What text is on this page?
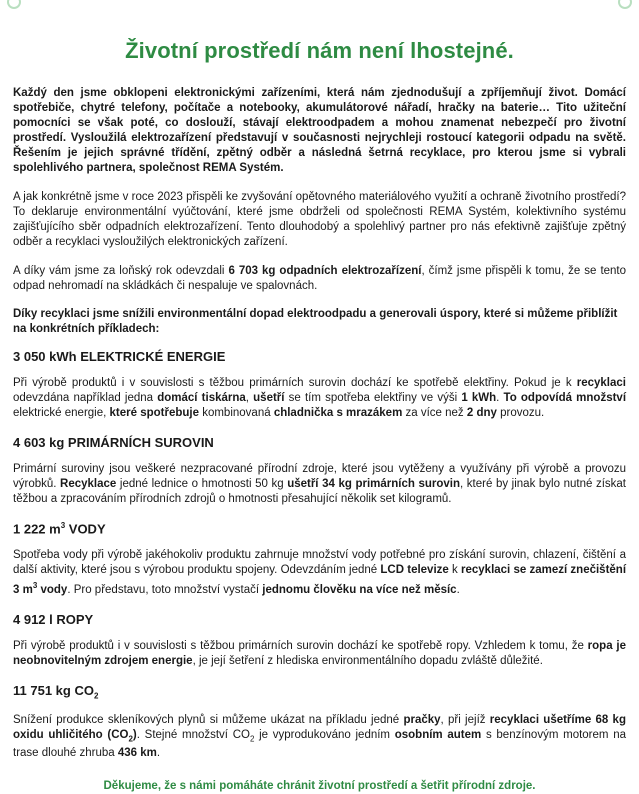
Životní prostředí nám není lhostejné.

Každý den jsme obklopeni elektronickými zařízeními, která nám zjednodušují a zpříjemňují život. Domácí spotřebiče, chytré telefony, počítače a notebooky, akumulátorové nářadí, hračky na baterie… Tito užiteční pomocníci se však poté, co doslouží, stávají elektroodpadem a mohou znamenat nebezpečí pro životní prostředí. Vysloužilá elektrozařízení představují v současnosti nejrychleji rostoucí kategorii odpadu na světě. Řešením je jejich správné třídění, zpětný odběr a následná šetrná recyklace, pro kterou jsme si vybrali spolehlivého partnera, společnost REMA Systém.

A jak konkrétně jsme v roce 2023 přispěli ke zvyšování opětovného materiálového využití a ochraně životního prostředí? To deklaruje environmentální vyúčtování, které jsme obdrželi od společnosti REMA Systém, kolektivního systému zajišťujícího sběr odpadních elektrozařízení. Tento dlouhodobý a spolehlivý partner pro nás efektivně zajišťuje zpětný odběr a recyklaci vysloužilých elektronických zařízení.

A díky vám jsme za loňský rok odevzdali 6 703 kg odpadních elektrozařízení, čímž jsme přispěli k tomu, že se tento odpad nehromadí na skládkách či nespaluje ve spalovnách.

Díky recyklaci jsme snížili environmentální dopad elektroodpadu a generovali úspory, které si můžeme přiblížit na konkrétních příkladech:

3 050 kWh ELEKTRICKÉ ENERGIE

Při výrobě produktů i v souvislosti s těžbou primárních surovin dochází ke spotřebě elektřiny. Pokud je k recyklaci odevzdána například jedna domácí tiskárna, ušetří se tím spotřeba elektřiny ve výši 1 kWh. To odpovídá množství elektrické energie, které spotřebuje kombinovaná chladnička s mrazákem za více než 2 dny provozu.

4 603 kg PRIMÁRNÍCH SUROVIN

Primární suroviny jsou veškeré nezpracované přírodní zdroje, které jsou vytěženy a využívány při výrobě a provozu výrobků. Recyklace jedné lednice o hmotnosti 50 kg ušetří 34 kg primárních surovin, které by jinak bylo nutné získat těžbou a zpracováním přírodních zdrojů o hmotnosti přesahující několik set kilogramů.

1 222 $m^3$ VODY

Spotřeba vody při výrobě jakéhokoliv produktu zahrnuje množství vody potřebné pro získání surovin, chlazení, čištění a další aktivity, které jsou s výrobou produktu spojeny. Odevzdáním jedné LCD televize k recyklaci se zamezí znečištění 3 $m^3$ vody. Pro představu, toto množství vystačí jednomu člověku na více než měsíc.

4 912 l ROPY

Při výrobě produktů i v souvislosti s těžbou primárních surovin dochází ke spotřebě ropy. Vzhledem k tomu, že ropa je neobnovitelným zdrojem energie, je její šetření z hlediska environmentálního dopadu zvláště důležité.

11 751 kg $CO_2$

Snížení produkce skleníkových plynů si můžeme ukázat na příkladu jedné pračky, při jejíž recyklaci ušetříme 68 kg oxidu uhličitého $(CO_2)$. Stejné množství $CO_2$ je vyprodukováno jedním osobním autem s benzínovým motorem na trase dlouhé zhruba 436 km.

Děkujeme, že s námi pomáháte chránit životní prostředí a šetřit přírodní zdroje.
